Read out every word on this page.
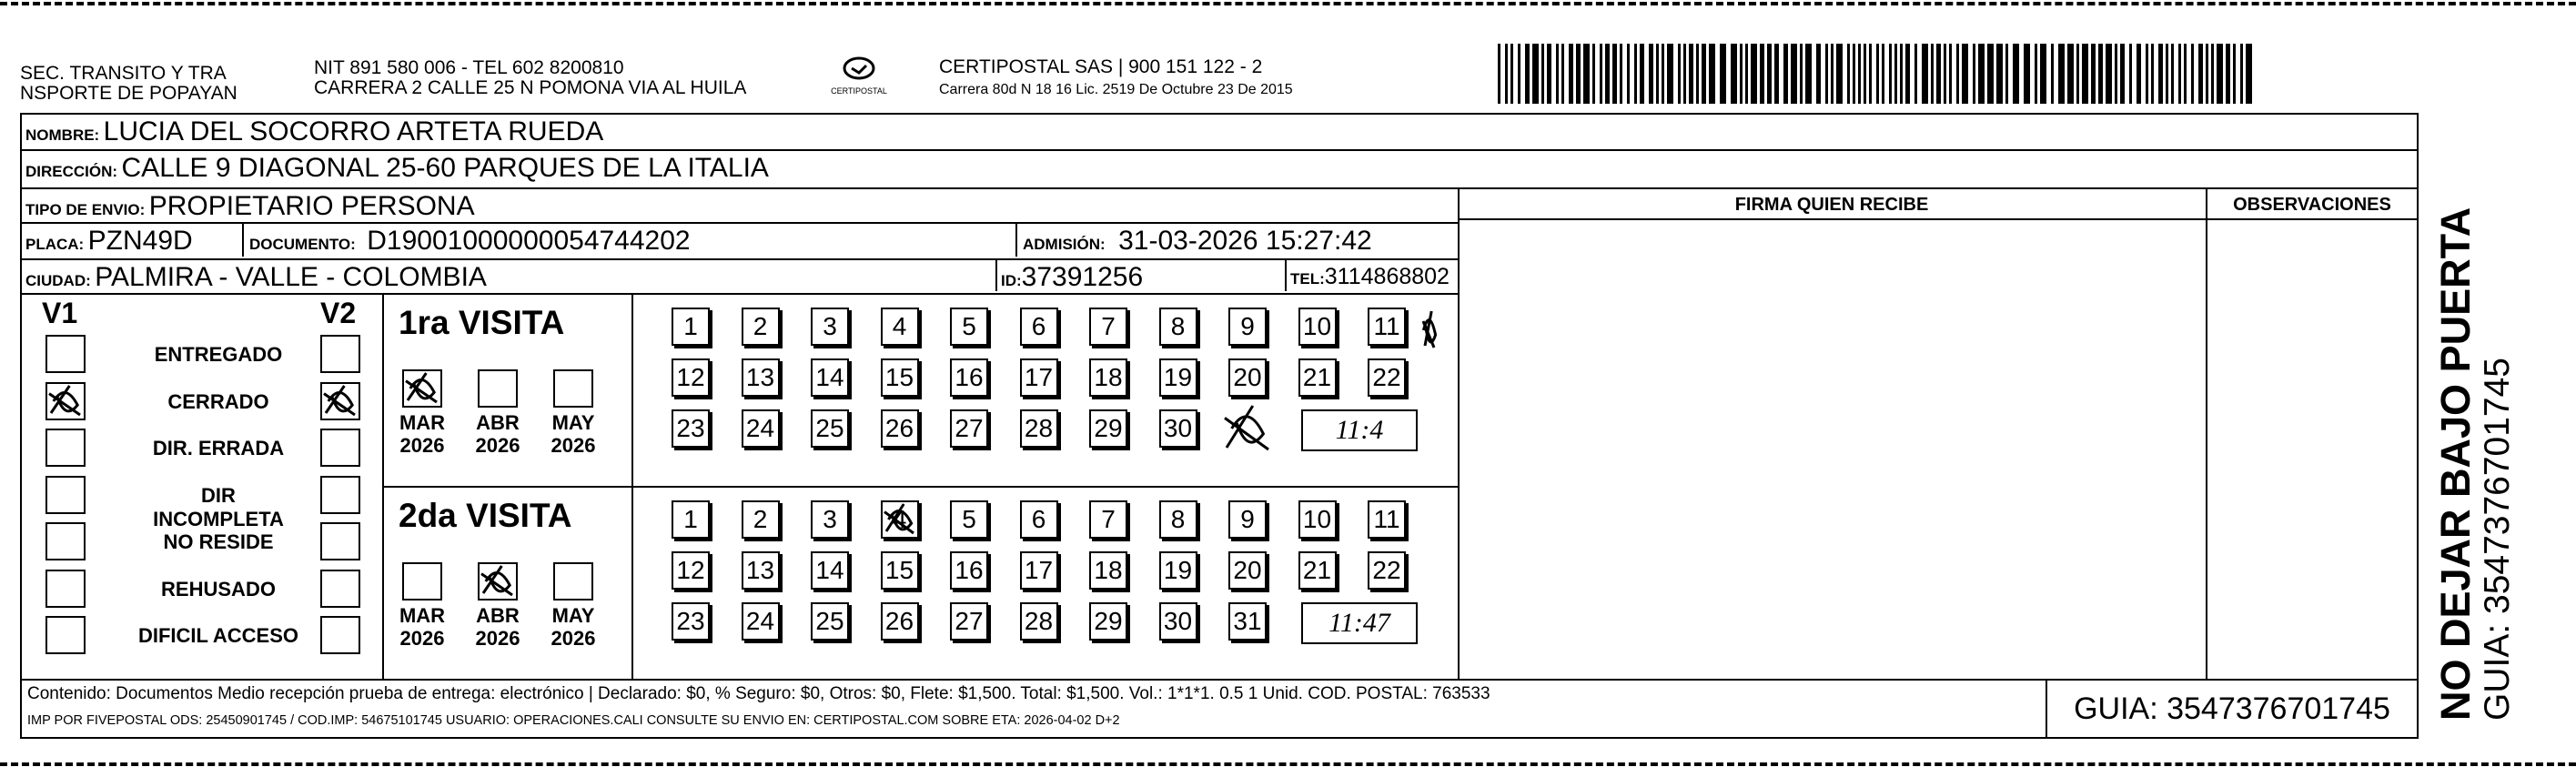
SEC. TRANSITO Y TRA
NSPORTE DE POPAYAN
NIT 891 580 006 - TEL 602 8200810
CARRERA 2 CALLE 25 N POMONA VIA AL HUILA	CERTIPOSTAL
CERTIPOSTAL SAS | 900 151 122 - 2
Carrera 80d N 18 16 Lic. 2519 De Octubre 23 De 2015
NOMBRE: LUCIA DEL SOCORRO ARTETA RUEDA
DIRECCIÓN: CALLE 9 DIAGONAL 25-60 PARQUES DE LA ITALIA
TIPO DE ENVIO: PROPIETARIO PERSONA
PLACA: PZN49D	DOCUMENTO: D19001000000054744202	ADMISIÓN: 31-03-2026 15:27:42
CIUDAD: PALMIRA - VALLE - COLOMBIA	ID:37391256	TEL:3114868802
FIRMA QUIEN RECIBE	OBSERVACIONES
V1	V2 1ra VISITA
2da VISITA
Contenido: Documentos Medio recepción prueba de entrega: electrónico | Declarado: $0, % Seguro: $0, Otros: $0, Flete: $1,500. Total: $1,500. Vol.: 1*1*1. 0.5 1 Unid. COD. POSTAL: 763533
IMP POR FIVEPOSTAL ODS: 25450901745 / COD.IMP: 54675101745 USUARIO: OPERACIONES.CALI CONSULTE SU ENVIO EN: CERTIPOSTAL.COM SOBRE ETA: 2026-04-02 D+2	GUIA: 3547376701745	NO DEJAR BAJO PUERTA GUIA: 3547376701745
ENTREGADO
CERRADO
DIR. ERRADA
DIR INCOMPLETA
NO RESIDE
REHUSADO
DIFICIL ACCESO
MAR
2026
ABR
2026
MAY
2026
1	2	3	4	5	6	7	8	9	10 11
12 13 14 15 16 17 18 19 20 21 22
23 24 25 26 27 28 29 30	11:4
MAR
2026
ABR
2026
MAY
2026
1	2	3	4	5	6	7	8	9	10 11
12 13 14 15 16 17 18 19 20 21 22
23 24 25 26 27 28 29 30 31	11:47
